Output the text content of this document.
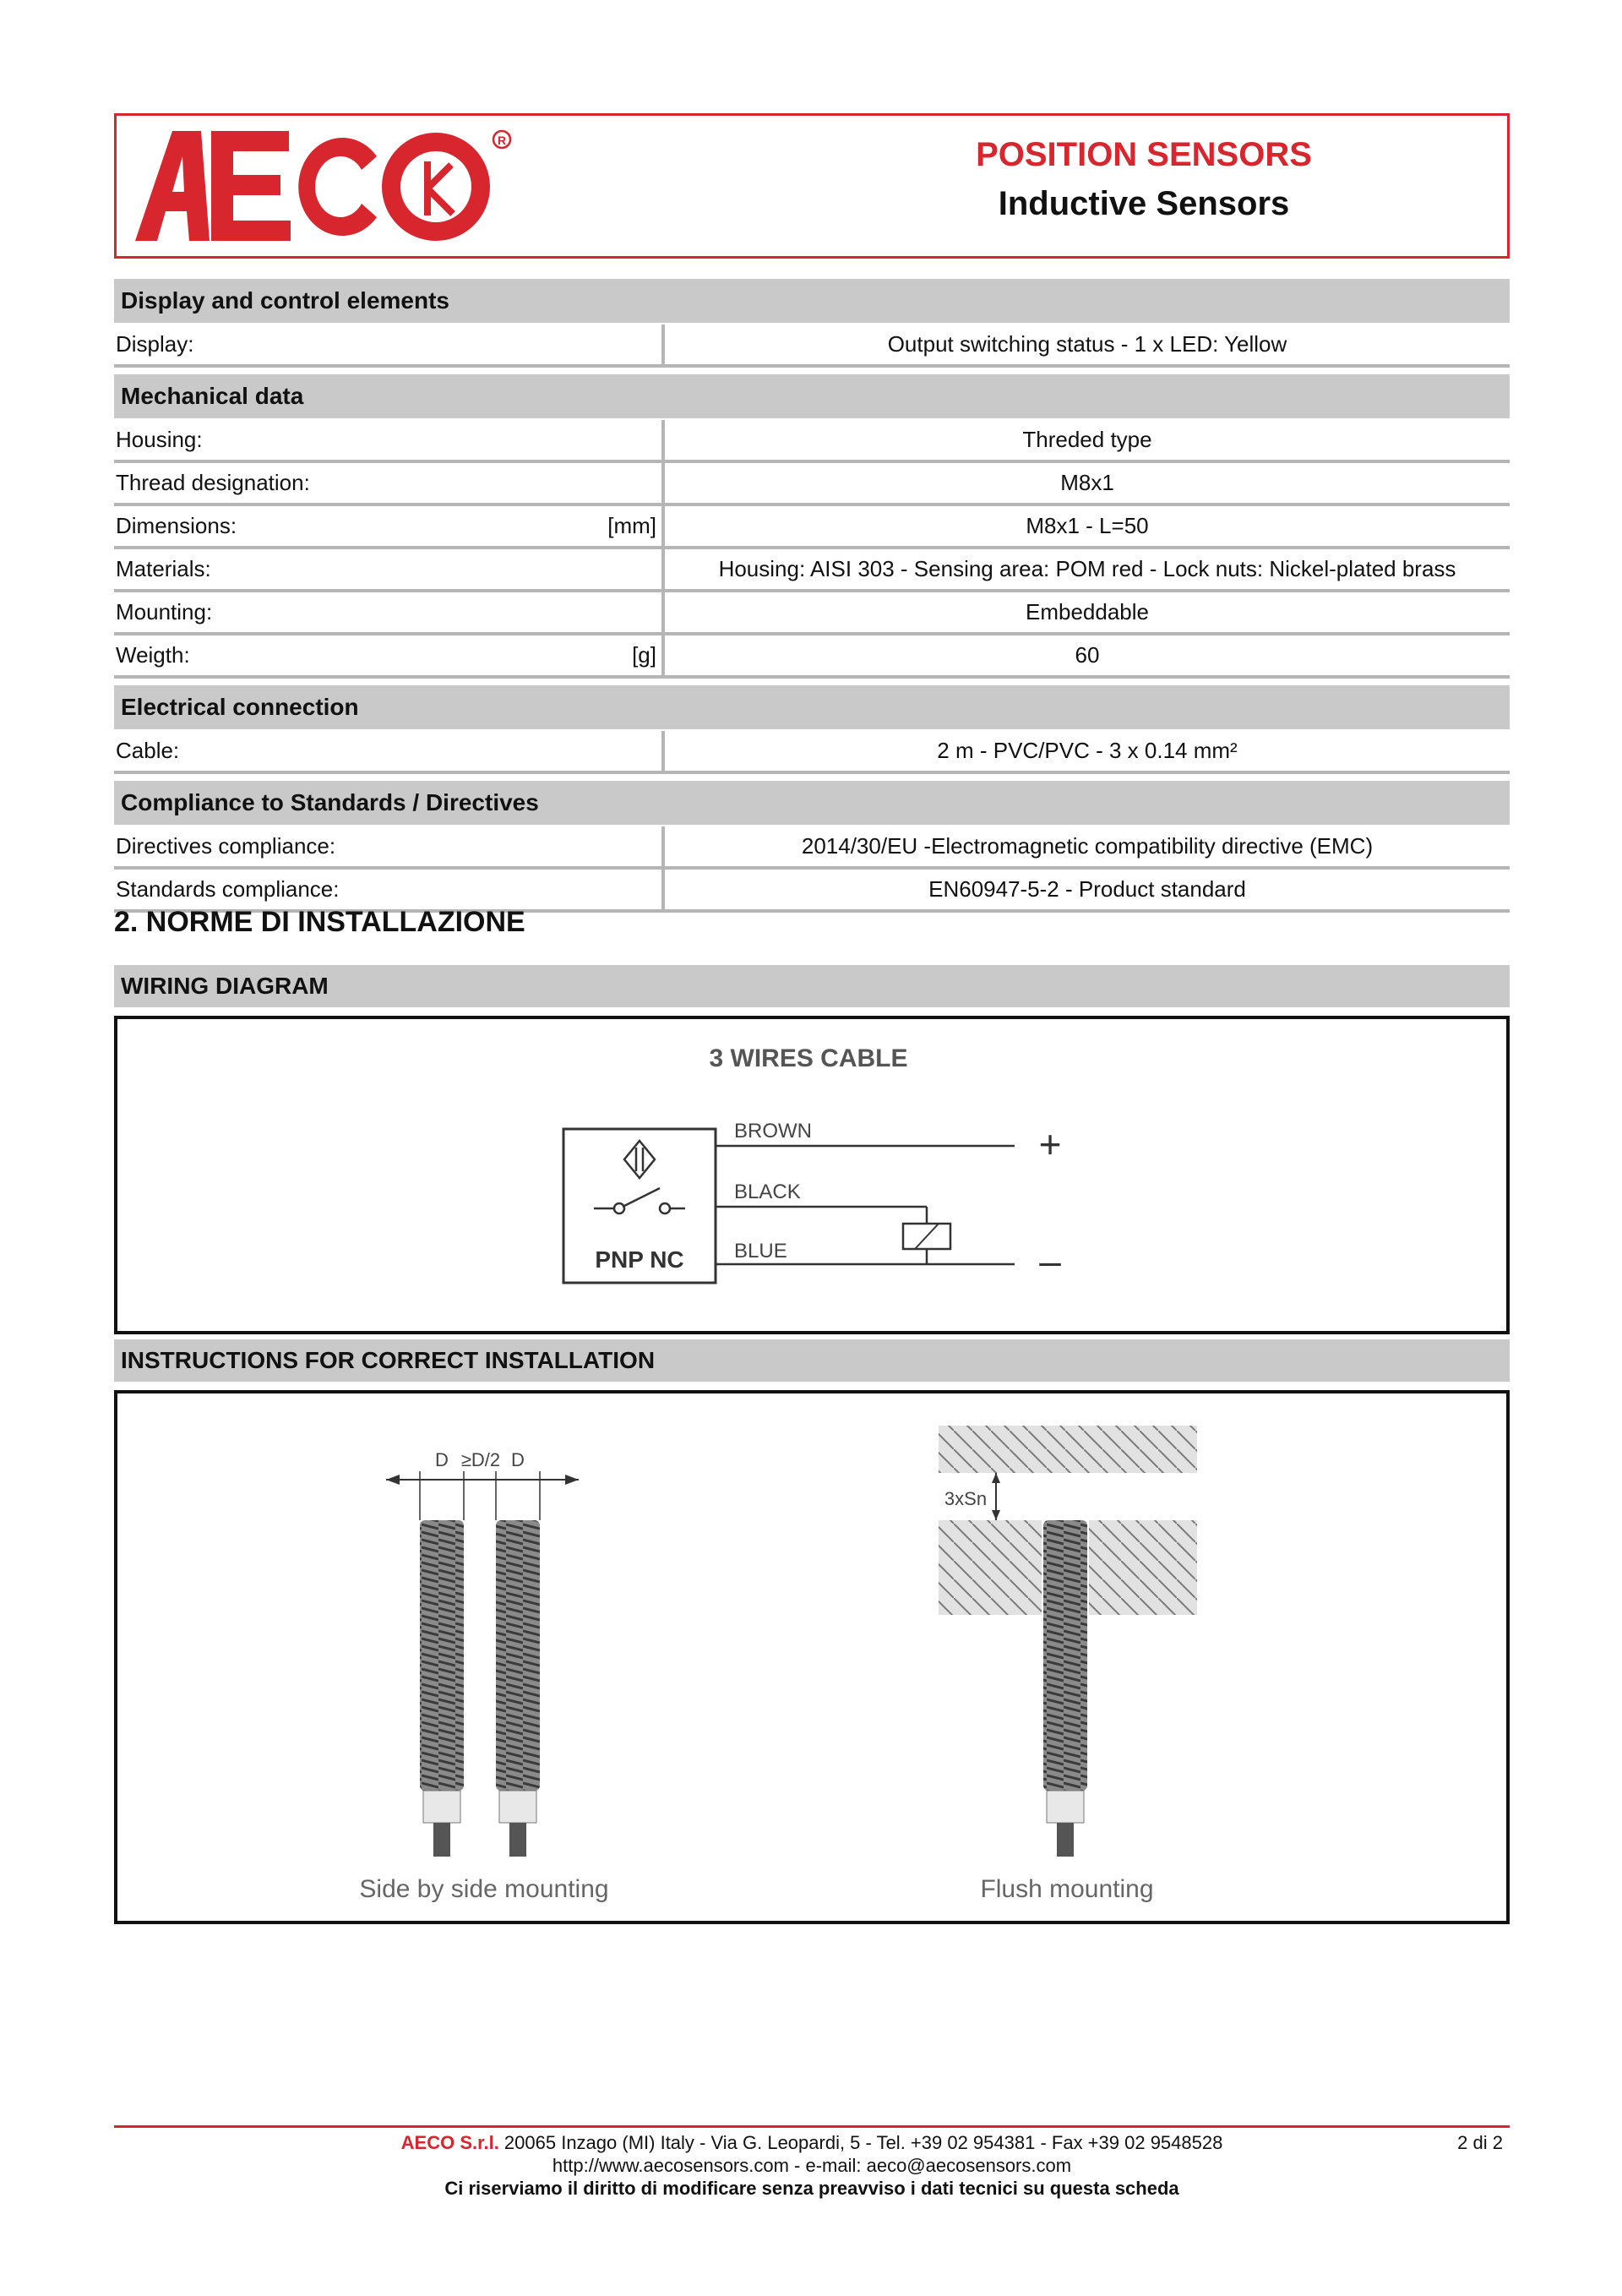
R	POSITION SENSORS
Inductive Sensors
Display and control elements
Display:	Output switching status - 1 x LED: Yellow
Mechanical data
Housing:	Threded type
Thread designation:	M8x1
Dimensions:	[mm]	M8x1 - L=50
Materials:	Housing: AISI 303 - Sensing area: POM red - Lock nuts: Nickel-plated brass
Mounting:	Embeddable
Weigth:	[g]	60
Electrical connection
Cable:	2 m - PVC/PVC - 3 x 0.14 mm²
Compliance to Standards / Directives
Directives compliance:	2014/30/EU -Electromagnetic compatibility directive (EMC)
Standards compliance:	EN60947-5-2 - Product standard
2. NORME DI INSTALLAZIONE
WIRING DIAGRAM
3 WIRES CABLE
PNP NC
BROWN
BLACK
BLUE
+
–
INSTRUCTIONS FOR CORRECT INSTALLATION
D ≥D/2 D
Side by side mounting
3xSn
Flush mounting
AECO S.r.l. 20065 Inzago (MI) Italy - Via G. Leopardi, 5 - Tel. +39 02 954381 - Fax +39 02 9548528
http://www.aecosensors.com - e-mail: aeco@aecosensors.com
Ci riserviamo il diritto di modificare senza preavviso i dati tecnici su questa scheda
2 di 2
